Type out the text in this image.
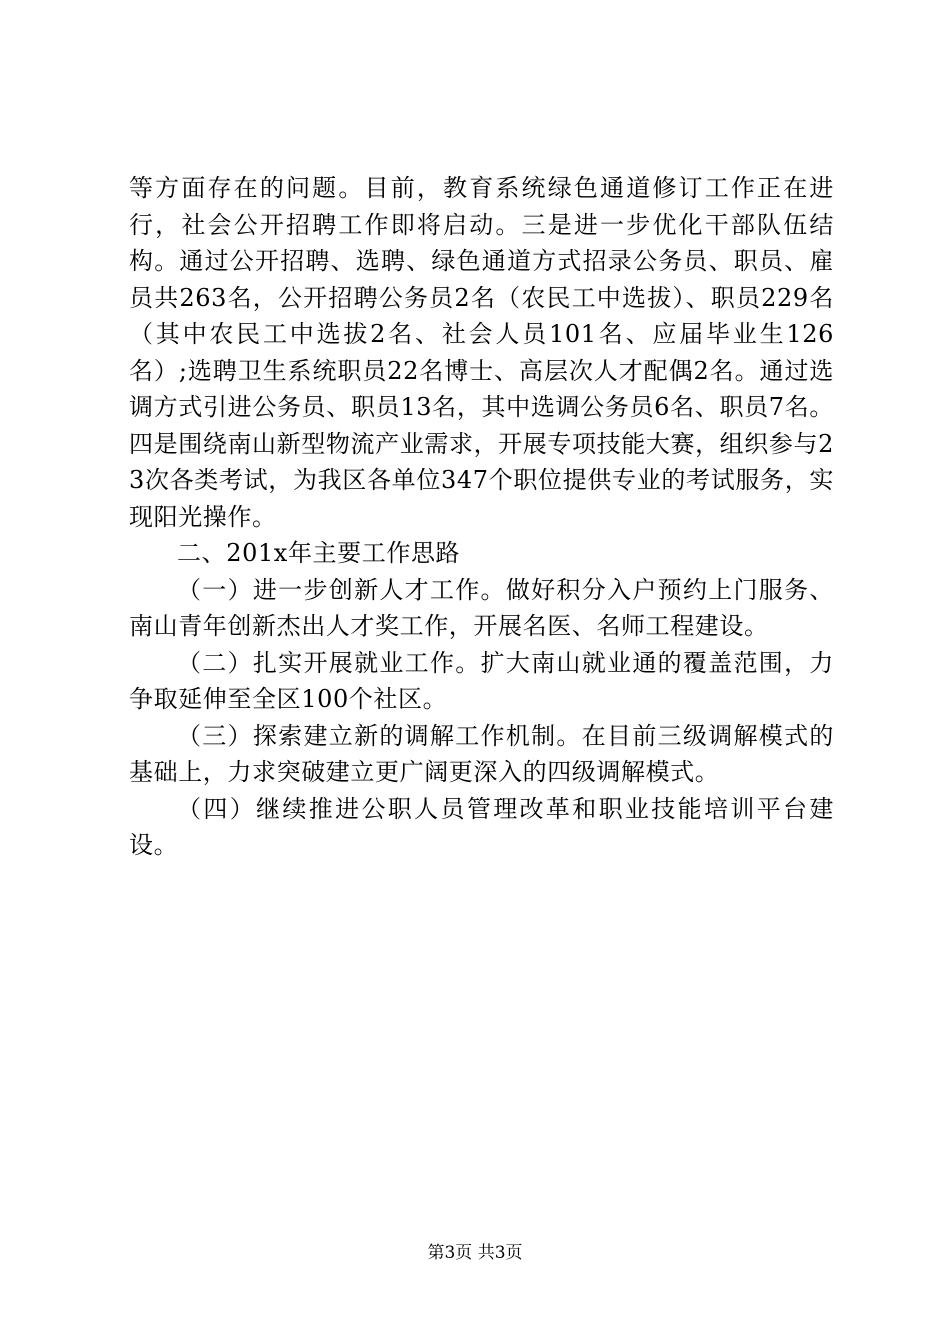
等方面存在的问题。目前，教育系统绿色通道修订工作正在进行，社会公开招聘工作即将启动。三是进一步优化干部队伍结构。通过公开招聘、选聘、绿色通道方式招录公务员、职员、雇员共263名，公开招聘公务员2名（农民工中选拔）、职员229名（其中农民工中选拔2名、社会人员101名、应届毕业生126名）;选聘卫生系统职员22名博士、高层次人才配偶2名。通过选调方式引进公务员、职员13名，其中选调公务员6名、职员7名。四是围绕南山新型物流产业需求，开展专项技能大赛，组织参与23次各类考试，为我区各单位347个职位提供专业的考试服务，实现阳光操作。

二、201x年主要工作思路

（一）进一步创新人才工作。做好积分入户预约上门服务、南山青年创新杰出人才奖工作，开展名医、名师工程建设。

（二）扎实开展就业工作。扩大南山就业通的覆盖范围，力争取延伸至全区100个社区。

（三）探索建立新的调解工作机制。在目前三级调解模式的基础上，力求突破建立更广阔更深入的四级调解模式。

（四）继续推进公职人员管理改革和职业技能培训平台建设。

第3页 共3页
